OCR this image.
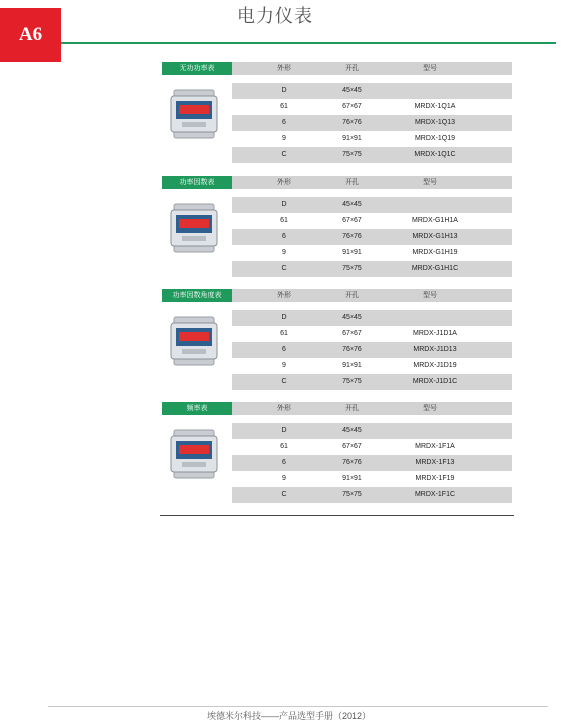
A6
电力仪表
无功功率表	外形	开孔	型号
D	45×45
61	67×67	MRDX-1Q1A
6	76×76	MRDX-1Q13
9	91×91	MRDX-1Q19
C	75×75	MRDX-1Q1C
功率因数表	外形	开孔	型号
D	45×45
61	67×67	MRDX-G1H1A
6	76×76	MRDX-G1H13
9	91×91	MRDX-G1H19
C	75×75	MRDX-G1H1C
功率因数角度表	外形	开孔	型号
D	45×45
61	67×67	MRDX-J1D1A
6	76×76	MRDX-J1D13
9	91×91	MRDX-J1D19
C	75×75	MRDX-J1D1C
频率表	外形	开孔	型号
D	45×45
61	67×67	MRDX-1F1A
6	76×76	MRDX-1F13
9	91×91	MRDX-1F19
C	75×75	MRDX-1F1C
埃德米尔科技——产品选型手册（2012）
